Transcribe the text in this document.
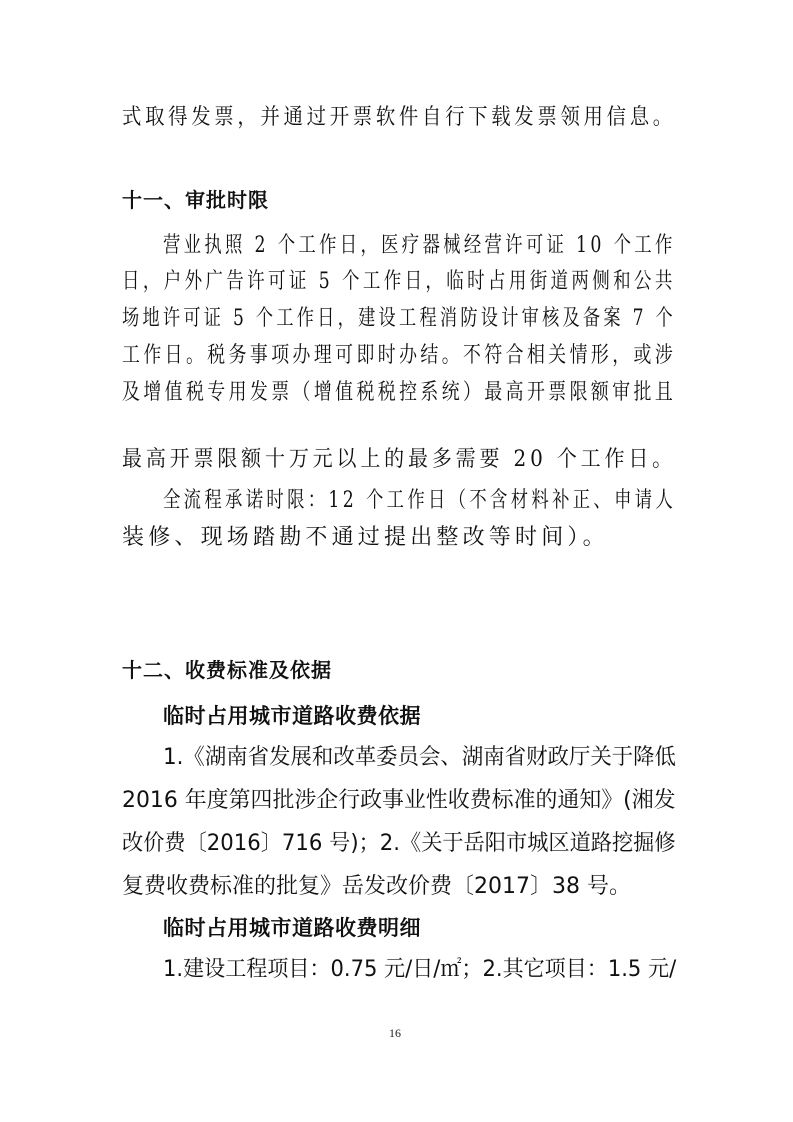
式取得发票，并通过开票软件自行下载发票领用信息。
十一、审批时限
营业执照 2 个工作日，医疗器械经营许可证 10 个工作
日，户外广告许可证 5 个工作日，临时占用街道两侧和公共
场地许可证 5 个工作日，建设工程消防设计审核及备案 7 个
工作日。税务事项办理可即时办结。不符合相关情形，或涉
及增值税专用发票（增值税税控系统）最高开票限额审批且
最高开票限额十万元以上的最多需要 20 个工作日。
全流程承诺时限：12 个工作日（不含材料补正、申请人
装修、现场踏勘不通过提出整改等时间）。
十二、收费标准及依据
临时占用城市道路收费依据
1.《湖南省发展和改革委员会、湖南省财政厅关于降低
2016 年度第四批涉企行政事业性收费标准的通知》(湘发
改价费〔2016〕716 号)；2.《关于岳阳市城区道路挖掘修
复费收费标准的批复》岳发改价费〔2017〕38 号。
临时占用城市道路收费明细
1.建设工程项目：0.75 元/日/㎡；2.其它项目：1.5 元/
16
